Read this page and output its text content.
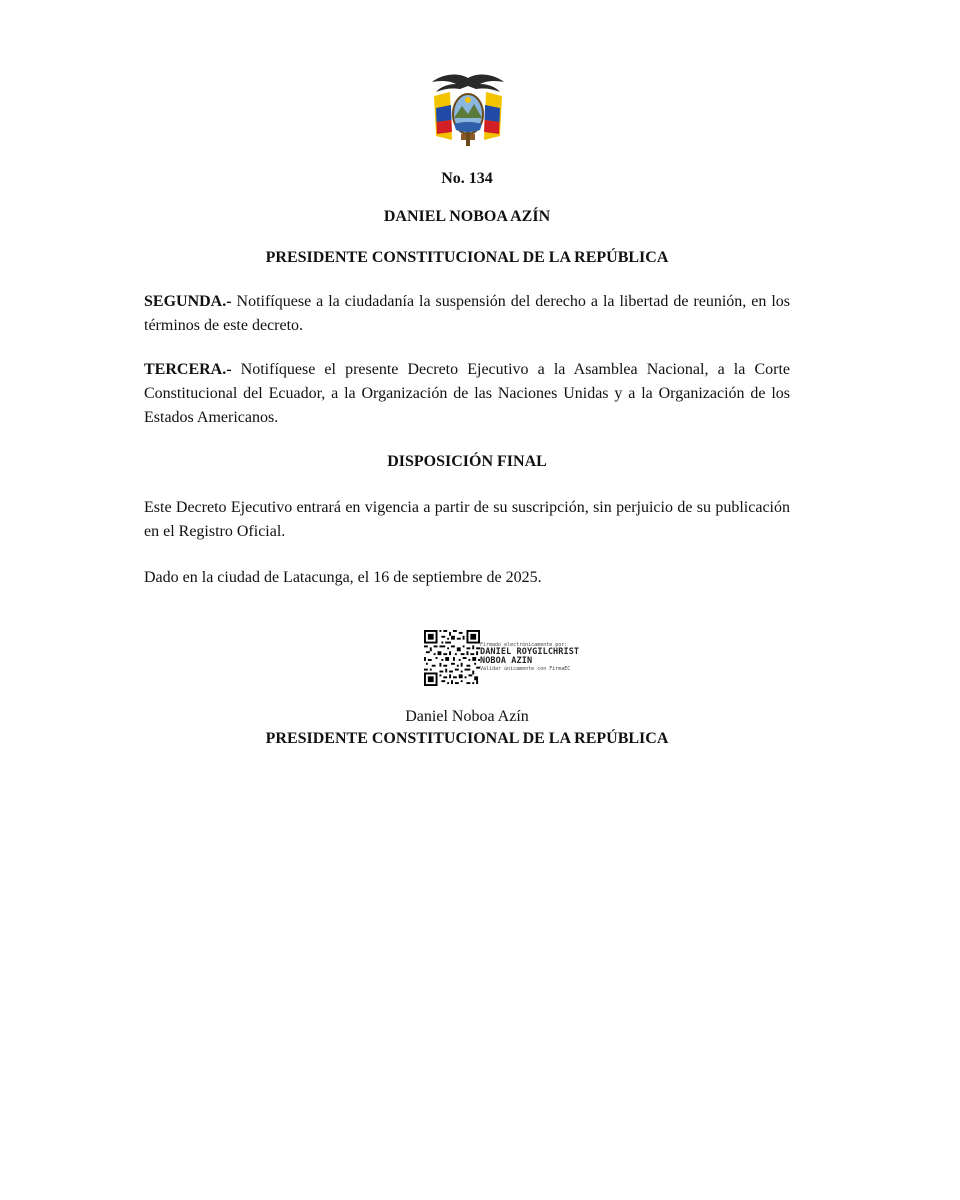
No. 134
DANIEL NOBOA AZÍN
PRESIDENTE CONSTITUCIONAL DE LA REPÚBLICA
SEGUNDA.- Notifíquese a la ciudadanía la suspensión del derecho a la libertad de reunión, en los términos de este decreto.
TERCERA.- Notifíquese el presente Decreto Ejecutivo a la Asamblea Nacional, a la Corte Constitucional del Ecuador, a la Organización de las Naciones Unidas y a la Organización de los Estados Americanos.
DISPOSICIÓN FINAL
Este Decreto Ejecutivo entrará en vigencia a partir de su suscripción, sin perjuicio de su publicación en el Registro Oficial.
Dado en la ciudad de Latacunga, el 16 de septiembre de 2025.
Firmado electrónicamente por:
DANIEL ROYGILCHRIST
NOBOA AZIN
Validar únicamente con FirmaEC
Daniel Noboa Azín
PRESIDENTE CONSTITUCIONAL DE LA REPÚBLICA
